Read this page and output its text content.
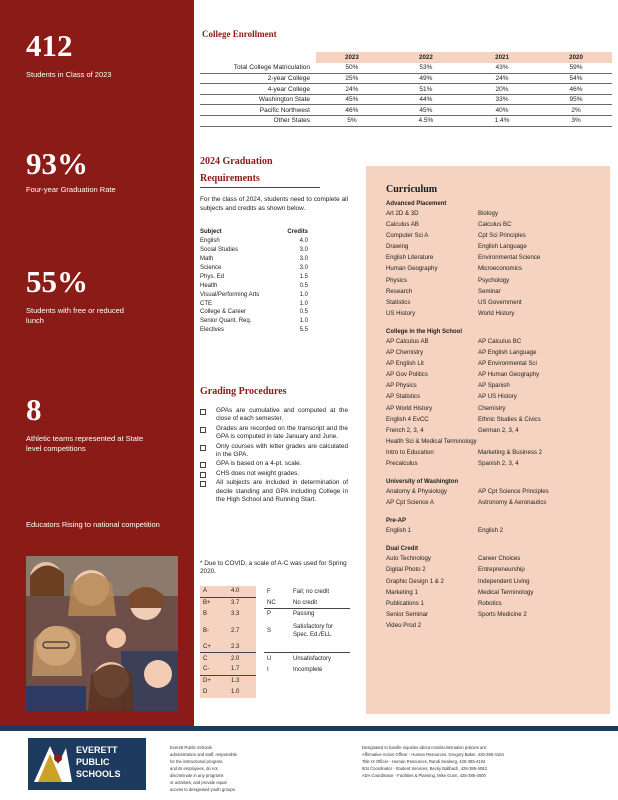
412
Students in Class of 2023
93%
Four-year Graduation Rate
55%
Students with free or reduced lunch
8
Athletic teams represented at State level competitions
Educators Rising to national competition
College Enrollment
	2023	2022	2021	2020
Total College Matriculation	50%	53%	43%	59%
2-year College	25%	49%	24%	54%
4-year College	24%	51%	20%	46%
Washington State	45%	44%	33%	95%
Pacific Northwest	46%	45%	40%	2%
Other States	5%	4.5%	1.4%	3%
2024 Graduation
Requirements

For the class of 2024, students need to complete all subjects and credits as shown below.

Subject	Credits
English	4.0
Social Studies	3.0
Math	3.0
Science	3.0
Phys. Ed	1.5
Health	0.5
Visual/Performing Arts	1.0
CTE	1.0
College & Career	0.5
Senior Quant. Req.	1.0
Electives	5.5
Grading Procedures
GPAs are cumulative and computed at the close of each semester.
Grades are recorded on the transcript and the GPA is computed in late January and June.
Only courses with letter grades are calculated in the GPA.
GPA is based on a 4-pt. scale.
CHS does not weight grades.
All subjects are included in determination of decile standing and GPA including College in the High School and Running Start.

* Due to COVID, a scale of A-C was used for Spring 2020.

A	4.0		F	Fail; no credit
B+	3.7		NC	No credit
B	3.3		P	Passing
B-	2.7		S	Satisfactory for Spec. Ed./ELL
C+	2.3			
C	2.0		U	Unsatisfactory
C-	1.7		I	Incomplete
D+	1.3			
D	1.0			
Curriculum
Advanced Placement
Art 2D & 3D	Biology
Calculus AB	Calculus BC
Computer Sci A	Cpt Sci Principles
Drawing	English Language
English Literature	Environmental Science
Human Geography	Microeconomics
Physics	Psychology
Research	Seminar
Statistics	US Government
US History	World History
College in the High School
AP Calculus AB	AP Calculus BC
AP Chemistry	AP English Language
AP English Lit	AP Environmental Sci
AP Gov Politics	AP Human Geography
AP Physics	AP Spanish
AP Statistics	AP US History
AP World History	Chemistry
English 4 EvCC	Ethnic Studies & Civics
French 2, 3, 4	German 2, 3, 4
Health Sci & Medical Terminology
Intro to Education	Marketing & Business 2
Precalculus	Spanish 2, 3, 4
University of Washington
Anatomy & Physiology	AP Cpt Science Principles
AP Cpt Science A	Astronomy & Aeronautics
Pre-AP
English 1	English 2
Dual Credit
Auto Technology	Career Choices
Digital Photo 2	Entrepreneurship
Graphic Design 1 & 2	Independent Living
Marketing 1	Medical Terminology
Publications 1	Robotics
Senior Seminar	Sports Medicine 2
Video Prod 2
EVERETT PUBLIC SCHOOLS
Everett Public Schools
administration and staff, responsible
for the instructional program,
and its employees, do not
discriminate in any programs
or activities, and provide equal
access to designated youth groups.
Designated to handle inquiries about nondiscrimination policies are:
Affirmative Action Officer - Human Resources, Gregory Baker, 425-385-4104
Title IX Officer - Human Resources, Randi Seaberg, 425-385-4104
504 Coordinator - Student Services, Becky Ballbach, 425-385-4063
ADA Coordinator - Facilities & Planning, Mike Gunn, 425-385-4000
